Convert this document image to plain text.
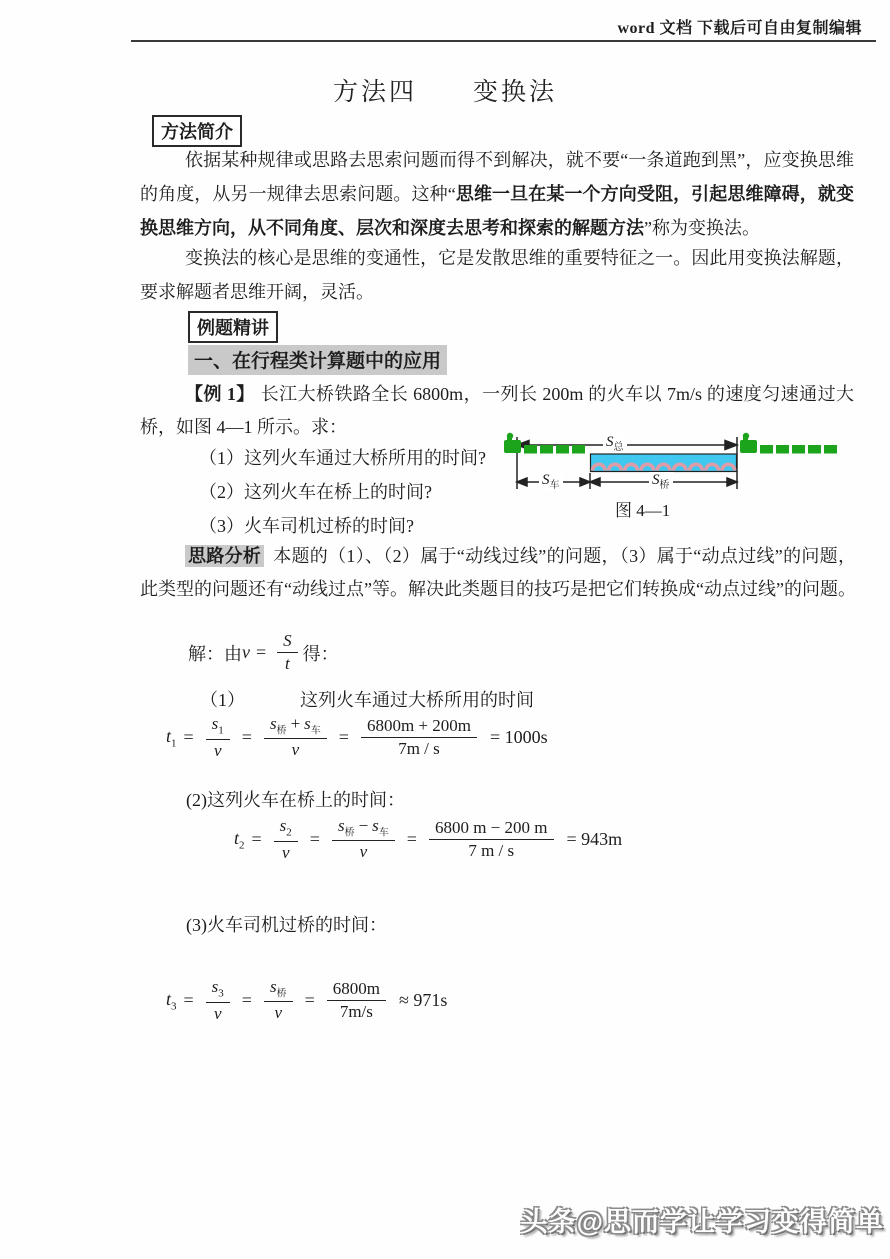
word 文档 下载后可自由复制编辑
方法四　　变换法
方法简介
依据某种规律或思路去思索问题而得不到解决，就不要“一条道跑到黑”，应变换思维的角度，从另一规律去思索问题。这种“思维一旦在某一个方向受阻，引起思维障碍，就变换思维方向，从不同角度、层次和深度去思考和探索的解题方法”称为变换法。
变换法的核心是思维的变通性，它是发散思维的重要特征之一。因此用变换法解题，要求解题者思维开阔，灵活。
例题精讲
一、在行程类计算题中的应用
【例 1】 长江大桥铁路全长 6800m，一列长 200m 的火车以 7m/s 的速度匀速通过大桥，如图 4—1 所示。求：
（1）这列火车通过大桥所用的时间?
（2）这列火车在桥上的时间?
（3）火车司机过桥的时间?
$S_总$
$S_车$	$S_桥$
图 4—1
思路分析 本题的（1）、（2）属于“动线过线”的问题，（3）属于“动点过线”的问题，此类型的问题还有“动线过点”等。解决此类题目的技巧是把它们转换成“动点过线”的问题。
解：由 $v = \frac{S}{t}$ 得：
（1）	这列火车通过大桥所用的时间
$t_1 = \frac{s_1}{v} = \frac{s_桥 + s_车}{v} = \frac{6800m + 200m}{7m / s} = 1000s$
(2)这列火车在桥上的时间：
$t_2 = \frac{s_2}{v} = \frac{s_桥 - s_车}{v} = \frac{6800 m - 200 m}{7 m / s} = 943m$
(3)火车司机过桥的时间：
$t_3 = \frac{s_3}{v} = \frac{s_桥}{v} = \frac{6800m}{7m/s} \approx 971s$
头条@思而学让学习变得简单
